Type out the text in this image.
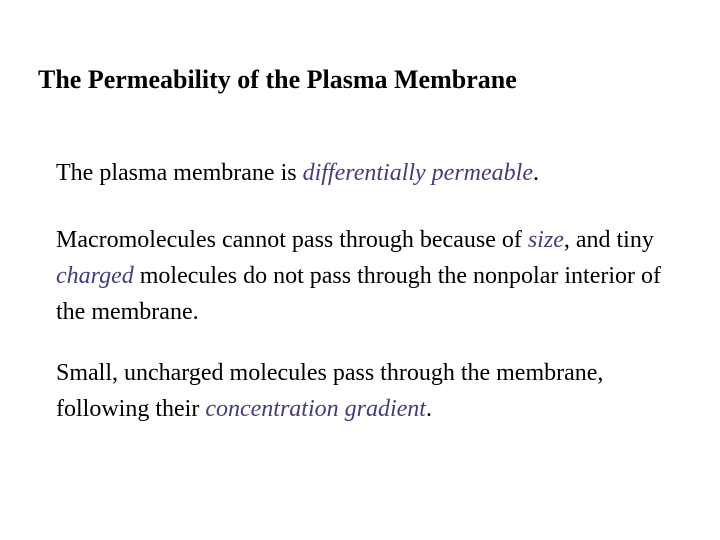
The Permeability of the Plasma Membrane

The plasma membrane is differentially permeable.

Macromolecules cannot pass through because of size, and tiny charged molecules do not pass through the nonpolar interior of the membrane.

Small, uncharged molecules pass through the membrane, following their concentration gradient.
